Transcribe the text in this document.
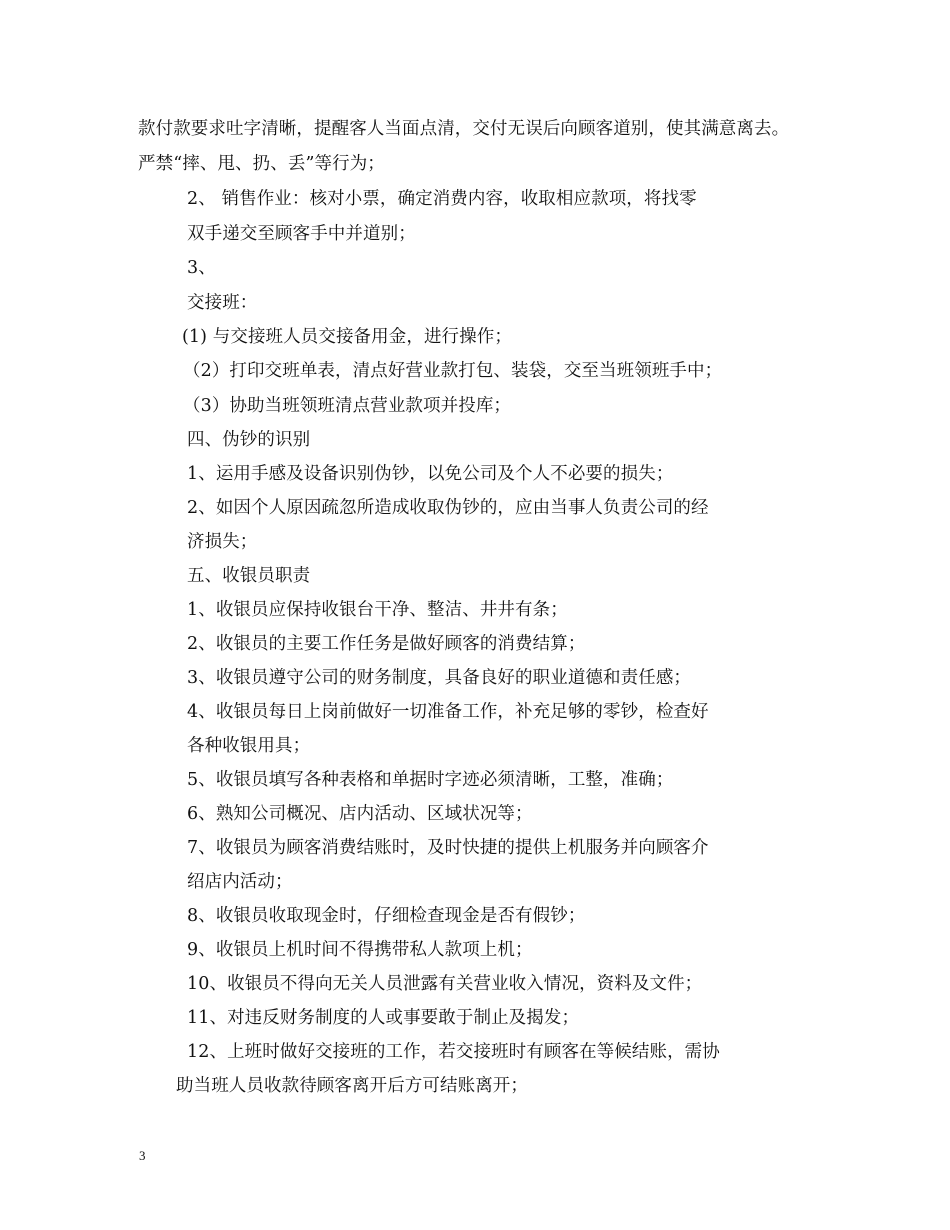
款付款要求吐字清晰，提醒客人当面点清，交付无误后向顾客道别，使其满意离去。
严禁“摔、甩、扔、丢”等行为；
2、 销售作业：核对小票，确定消费内容，收取相应款项，将找零
双手递交至顾客手中并道别；
3、
交接班：
(1) 与交接班人员交接备用金，进行操作；
（2）打印交班单表，清点好营业款打包、装袋，交至当班领班手中；
（3）协助当班领班清点营业款项并投库；
四、伪钞的识别
1、运用手感及设备识别伪钞，以免公司及个人不必要的损失；
2、如因个人原因疏忽所造成收取伪钞的，应由当事人负责公司的经
济损失；
五、收银员职责
1、收银员应保持收银台干净、整洁、井井有条；
2、收银员的主要工作任务是做好顾客的消费结算；
3、收银员遵守公司的财务制度，具备良好的职业道德和责任感；
4、收银员每日上岗前做好一切准备工作，补充足够的零钞，检查好
各种收银用具；
5、收银员填写各种表格和单据时字迹必须清晰，工整，准确；
6、熟知公司概况、店内活动、区域状况等；
7、收银员为顾客消费结账时，及时快捷的提供上机服务并向顾客介
绍店内活动；
8、收银员收取现金时，仔细检查现金是否有假钞；
9、收银员上机时间不得携带私人款项上机；
10、收银员不得向无关人员泄露有关营业收入情况，资料及文件；
11、对违反财务制度的人或事要敢于制止及揭发；
12、上班时做好交接班的工作，若交接班时有顾客在等候结账，需协
助当班人员收款待顾客离开后方可结账离开；
3
